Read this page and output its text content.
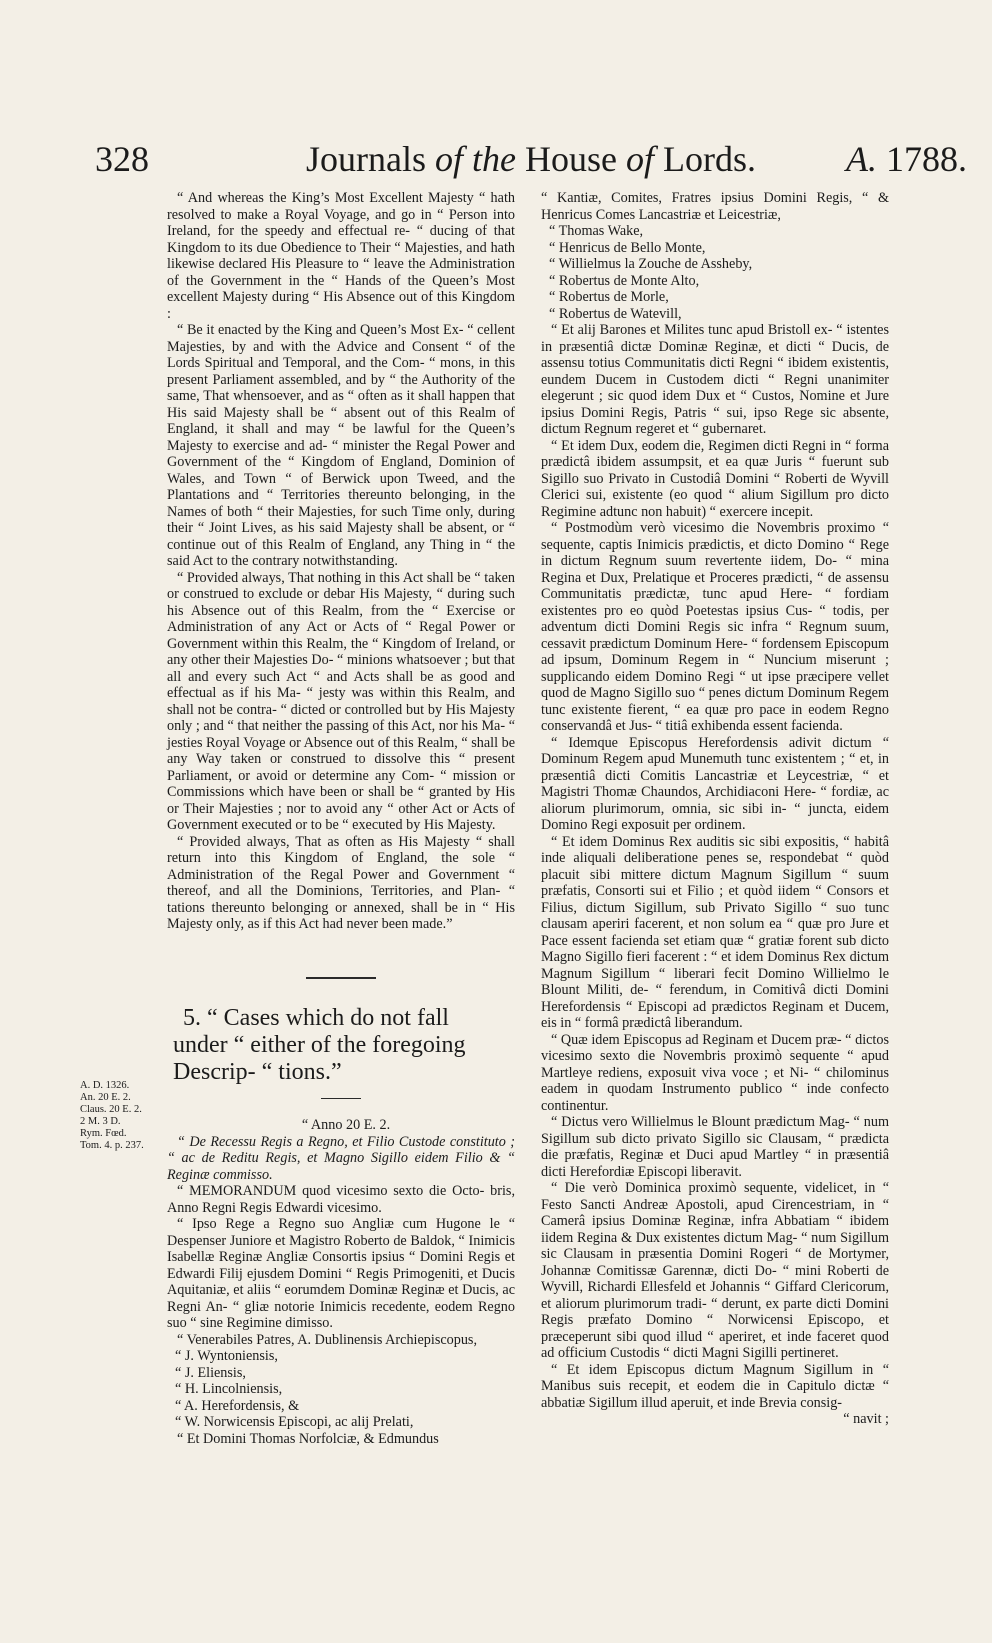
328	Journals of the House of Lords.	A. 1788.

“ And whereas the King’s Most Excellent Majesty “ hath resolved to make a Royal Voyage, and go in “ Person into Ireland, for the speedy and effectual re- “ ducing of that Kingdom to its due Obedience to Their “ Majesties, and hath likewise declared His Pleasure to “ leave the Administration of the Government in the “ Hands of the Queen’s Most excellent Majesty during “ His Absence out of this Kingdom :

“ Be it enacted by the King and Queen’s Most Ex- “ cellent Majesties, by and with the Advice and Consent “ of the Lords Spiritual and Temporal, and the Com- “ mons, in this present Parliament assembled, and by “ the Authority of the same, That whensoever, and as “ often as it shall happen that His said Majesty shall be “ absent out of this Realm of England, it shall and may “ be lawful for the Queen’s Majesty to exercise and ad- “ minister the Regal Power and Government of the “ Kingdom of England, Dominion of Wales, and Town “ of Berwick upon Tweed, and the Plantations and “ Territories thereunto belonging, in the Names of both “ their Majesties, for such Time only, during their “ Joint Lives, as his said Majesty shall be absent, or “ continue out of this Realm of England, any Thing in “ the said Act to the contrary notwithstanding.

“ Provided always, That nothing in this Act shall be “ taken or construed to exclude or debar His Majesty, “ during such his Absence out of this Realm, from the “ Exercise or Administration of any Act or Acts of “ Regal Power or Government within this Realm, the “ Kingdom of Ireland, or any other their Majesties Do- “ minions whatsoever ; but that all and every such Act “ and Acts shall be as good and effectual as if his Ma- “ jesty was within this Realm, and shall not be contra- “ dicted or controlled but by His Majesty only ; and “ that neither the passing of this Act, nor his Ma- “ jesties Royal Voyage or Absence out of this Realm, “ shall be any Way taken or construed to dissolve this “ present Parliament, or avoid or determine any Com- “ mission or Commissions which have been or shall be “ granted by His or Their Majesties ; nor to avoid any “ other Act or Acts of Government executed or to be “ executed by His Majesty.

“ Provided always, That as often as His Majesty “ shall return into this Kingdom of England, the sole “ Administration of the Regal Power and Government “ thereof, and all the Dominions, Territories, and Plan- “ tations thereunto belonging or annexed, shall be in “ His Majesty only, as if this Act had never been made.”

5. “ Cases which do not fall under “ either of the foregoing Descrip- “ tions.”

“ Anno 20 E. 2.

“ De Recessu Regis a Regno, et Filio Custode constituto ; “ ac de Reditu Regis, et Magno Sigillo eidem Filio & “ Reginæ commisso.

“ MEMORANDUM quod vicesimo sexto die Octo- bris, Anno Regni Regis Edwardi vicesimo.

“ Ipso Rege a Regno suo Angliæ cum Hugone le “ Despenser Juniore et Magistro Roberto de Baldok, “ Inimicis Isabellæ Reginæ Angliæ Consortis ipsius “ Domini Regis et Edwardi Filij ejusdem Domini “ Regis Primogeniti, et Ducis Aquitaniæ, et aliis “ eorumdem Dominæ Reginæ et Ducis, ac Regni An- “ gliæ notorie Inimicis recedente, eodem Regno suo “ sine Regimine dimisso.

“ Venerabiles Patres, A. Dublinensis Archiepiscopus,

“ J. Wyntoniensis,

“ J. Eliensis,

“ H. Lincolniensis,

“ A. Herefordensis, &

“ W. Norwicensis Episcopi, ac alij Prelati,

“ Et Domini Thomas Norfolciæ, & Edmundus

A. D. 1326.
An. 20 E. 2.
Claus. 20 E. 2.
2 M. 3 D.
Rym. Fœd.
Tom. 4. p. 237.

“ Kantiæ, Comites, Fratres ipsius Domini Regis, “ & Henricus Comes Lancastriæ et Leicestriæ,

“ Thomas Wake,

“ Henricus de Bello Monte,

“ Willielmus la Zouche de Assheby,

“ Robertus de Monte Alto,

“ Robertus de Morle,

“ Robertus de Watevill,

“ Et alij Barones et Milites tunc apud Bristoll ex- “ istentes in præsentiâ dictæ Dominæ Reginæ, et dicti “ Ducis, de assensu totius Communitatis dicti Regni “ ibidem existentis, eundem Ducem in Custodem dicti “ Regni unanimiter elegerunt ; sic quod idem Dux et “ Custos, Nomine et Jure ipsius Domini Regis, Patris “ sui, ipso Rege sic absente, dictum Regnum regeret et “ gubernaret.

“ Et idem Dux, eodem die, Regimen dicti Regni in “ forma prædictâ ibidem assumpsit, et ea quæ Juris “ fuerunt sub Sigillo suo Privato in Custodiâ Domini “ Roberti de Wyvill Clerici sui, existente (eo quod “ alium Sigillum pro dicto Regimine adtunc non habuit) “ exercere incepit.

“ Postmodùm verò vicesimo die Novembris proximo “ sequente, captis Inimicis prædictis, et dicto Domino “ Rege in dictum Regnum suum revertente iidem, Do- “ mina Regina et Dux, Prelatique et Proceres prædicti, “ de assensu Communitatis prædictæ, tunc apud Here- “ fordiam existentes pro eo quòd Poetestas ipsius Cus- “ todis, per adventum dicti Domini Regis sic infra “ Regnum suum, cessavit prædictum Dominum Here- “ fordensem Episcopum ad ipsum, Dominum Regem in “ Nuncium miserunt ; supplicando eidem Domino Regi “ ut ipse præcipere vellet quod de Magno Sigillo suo “ penes dictum Dominum Regem tunc existente fierent, “ ea quæ pro pace in eodem Regno conservandâ et Jus- “ titiâ exhibenda essent facienda.

“ Idemque Episcopus Herefordensis adivit dictum “ Dominum Regem apud Munemuth tunc existentem ; “ et, in præsentiâ dicti Comitis Lancastriæ et Leycestriæ, “ et Magistri Thomæ Chaundos, Archidiaconi Here- “ fordiæ, ac aliorum plurimorum, omnia, sic sibi in- “ juncta, eidem Domino Regi exposuit per ordinem.

“ Et idem Dominus Rex auditis sic sibi expositis, “ habitâ inde aliquali deliberatione penes se, respondebat “ quòd placuit sibi mittere dictum Magnum Sigillum “ suum præfatis, Consorti sui et Filio ; et quòd iidem “ Consors et Filius, dictum Sigillum, sub Privato Sigillo “ suo tunc clausam aperiri facerent, et non solum ea “ quæ pro Jure et Pace essent facienda set etiam quæ “ gratiæ forent sub dicto Magno Sigillo fieri facerent : “ et idem Dominus Rex dictum Magnum Sigillum “ liberari fecit Domino Willielmo le Blount Militi, de- “ ferendum, in Comitivâ dicti Domini Herefordensis “ Episcopi ad prædictos Reginam et Ducem, eis in “ formâ prædictâ liberandum.

“ Quæ idem Episcopus ad Reginam et Ducem præ- “ dictos vicesimo sexto die Novembris proximò sequente “ apud Martleye rediens, exposuit viva voce ; et Ni- “ chilominus eadem in quodam Instrumento publico “ inde confecto continentur.

“ Dictus vero Willielmus le Blount prædictum Mag- “ num Sigillum sub dicto privato Sigillo sic Clausam, “ prædicta die præfatis, Reginæ et Duci apud Martley “ in præsentiâ dicti Herefordiæ Episcopi liberavit.

“ Die verò Dominica proximò sequente, videlicet, in “ Festo Sancti Andreæ Apostoli, apud Cirencestriam, in “ Camerâ ipsius Dominæ Reginæ, infra Abbatiam “ ibidem iidem Regina & Dux existentes dictum Mag- “ num Sigillum sic Clausam in præsentia Domini Rogeri “ de Mortymer, Johannæ Comitissæ Garennæ, dicti Do- “ mini Roberti de Wyvill, Richardi Ellesfeld et Johannis “ Giffard Clericorum, et aliorum plurimorum tradi- “ derunt, ex parte dicti Domini Regis præfato Domino “ Norwicensi Episcopo, et præceperunt sibi quod illud “ aperiret, et inde faceret quod ad officium Custodis “ dicti Magni Sigilli pertineret.

“ Et idem Episcopus dictum Magnum Sigillum in “ Manibus suis recepit, et eodem die in Capitulo dictæ “ abbatiæ Sigillum illud aperuit, et inde Brevia consig-

“ navit ;
